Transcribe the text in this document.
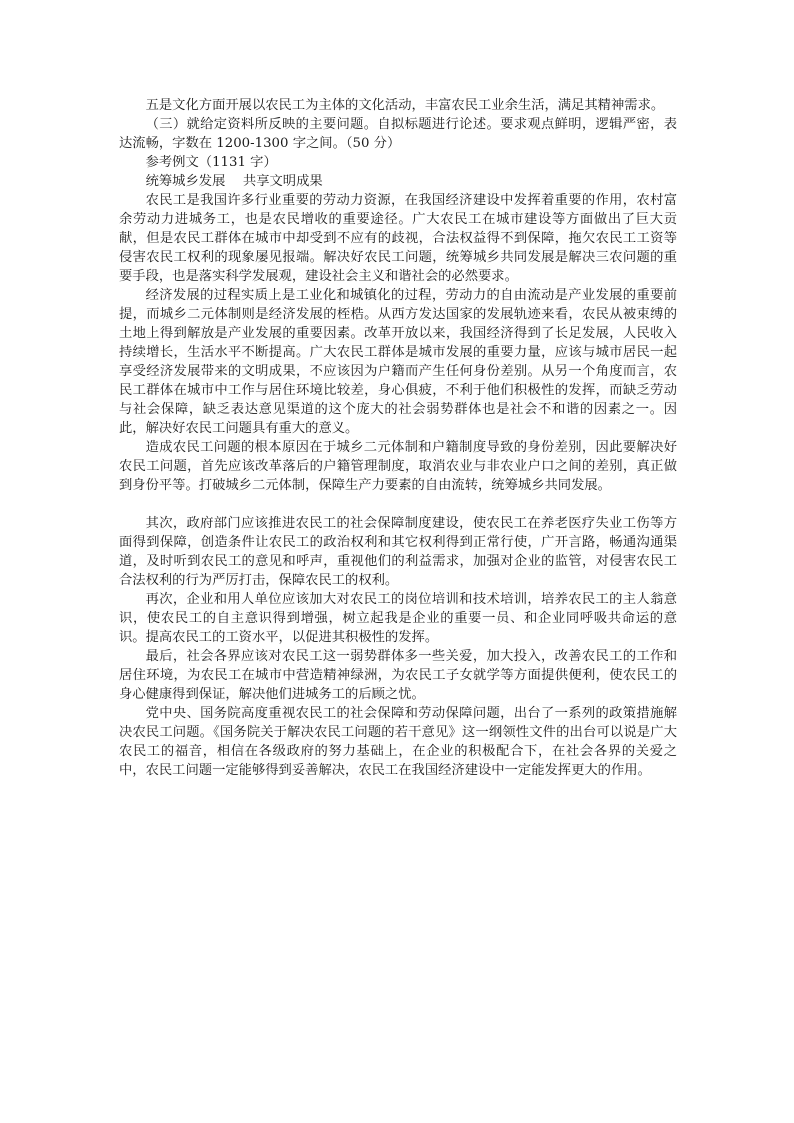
五是文化方面开展以农民工为主体的文化活动，丰富农民工业余生活，满足其精神需求。

（三）就给定资料所反映的主要问题。自拟标题进行论述。要求观点鲜明，逻辑严密，表达流畅，字数在 1200-1300 字之间。（50 分）

参考例文（1131 字）

统筹城乡发展　 共享文明成果

农民工是我国许多行业重要的劳动力资源，在我国经济建设中发挥着重要的作用，农村富余劳动力进城务工，也是农民增收的重要途径。广大农民工在城市建设等方面做出了巨大贡献，但是农民工群体在城市中却受到不应有的歧视，合法权益得不到保障，拖欠农民工工资等侵害农民工权利的现象屡见报端。解决好农民工问题，统筹城乡共同发展是解决三农问题的重要手段，也是落实科学发展观，建设社会主义和谐社会的必然要求。

经济发展的过程实质上是工业化和城镇化的过程，劳动力的自由流动是产业发展的重要前提，而城乡二元体制则是经济发展的桎梏。从西方发达国家的发展轨迹来看，农民从被束缚的土地上得到解放是产业发展的重要因素。改革开放以来，我国经济得到了长足发展，人民收入持续增长，生活水平不断提高。广大农民工群体是城市发展的重要力量，应该与城市居民一起享受经济发展带来的文明成果，不应该因为户籍而产生任何身份差别。从另一个角度而言，农民工群体在城市中工作与居住环境比较差，身心俱疲，不利于他们积极性的发挥，而缺乏劳动与社会保障，缺乏表达意见渠道的这个庞大的社会弱势群体也是社会不和谐的因素之一。因此，解决好农民工问题具有重大的意义。

造成农民工问题的根本原因在于城乡二元体制和户籍制度导致的身份差别，因此要解决好农民工问题，首先应该改革落后的户籍管理制度，取消农业与非农业户口之间的差别，真正做到身份平等。打破城乡二元体制，保障生产力要素的自由流转，统筹城乡共同发展。

其次，政府部门应该推进农民工的社会保障制度建设，使农民工在养老医疗失业工伤等方面得到保障，创造条件让农民工的政治权利和其它权利得到正常行使，广开言路，畅通沟通渠道，及时听到农民工的意见和呼声，重视他们的利益需求，加强对企业的监管，对侵害农民工合法权利的行为严厉打击，保障农民工的权利。

再次，企业和用人单位应该加大对农民工的岗位培训和技术培训，培养农民工的主人翁意识，使农民工的自主意识得到增强，树立起我是企业的重要一员、和企业同呼吸共命运的意识。提高农民工的工资水平，以促进其积极性的发挥。

最后，社会各界应该对农民工这一弱势群体多一些关爱，加大投入，改善农民工的工作和居住环境，为农民工在城市中营造精神绿洲，为农民工子女就学等方面提供便利，使农民工的身心健康得到保证，解决他们进城务工的后顾之忧。

党中央、国务院高度重视农民工的社会保障和劳动保障问题，出台了一系列的政策措施解决农民工问题。《国务院关于解决农民工问题的若干意见》这一纲领性文件的出台可以说是广大农民工的福音，相信在各级政府的努力基础上，在企业的积极配合下，在社会各界的关爱之中，农民工问题一定能够得到妥善解决，农民工在我国经济建设中一定能发挥更大的作用。
